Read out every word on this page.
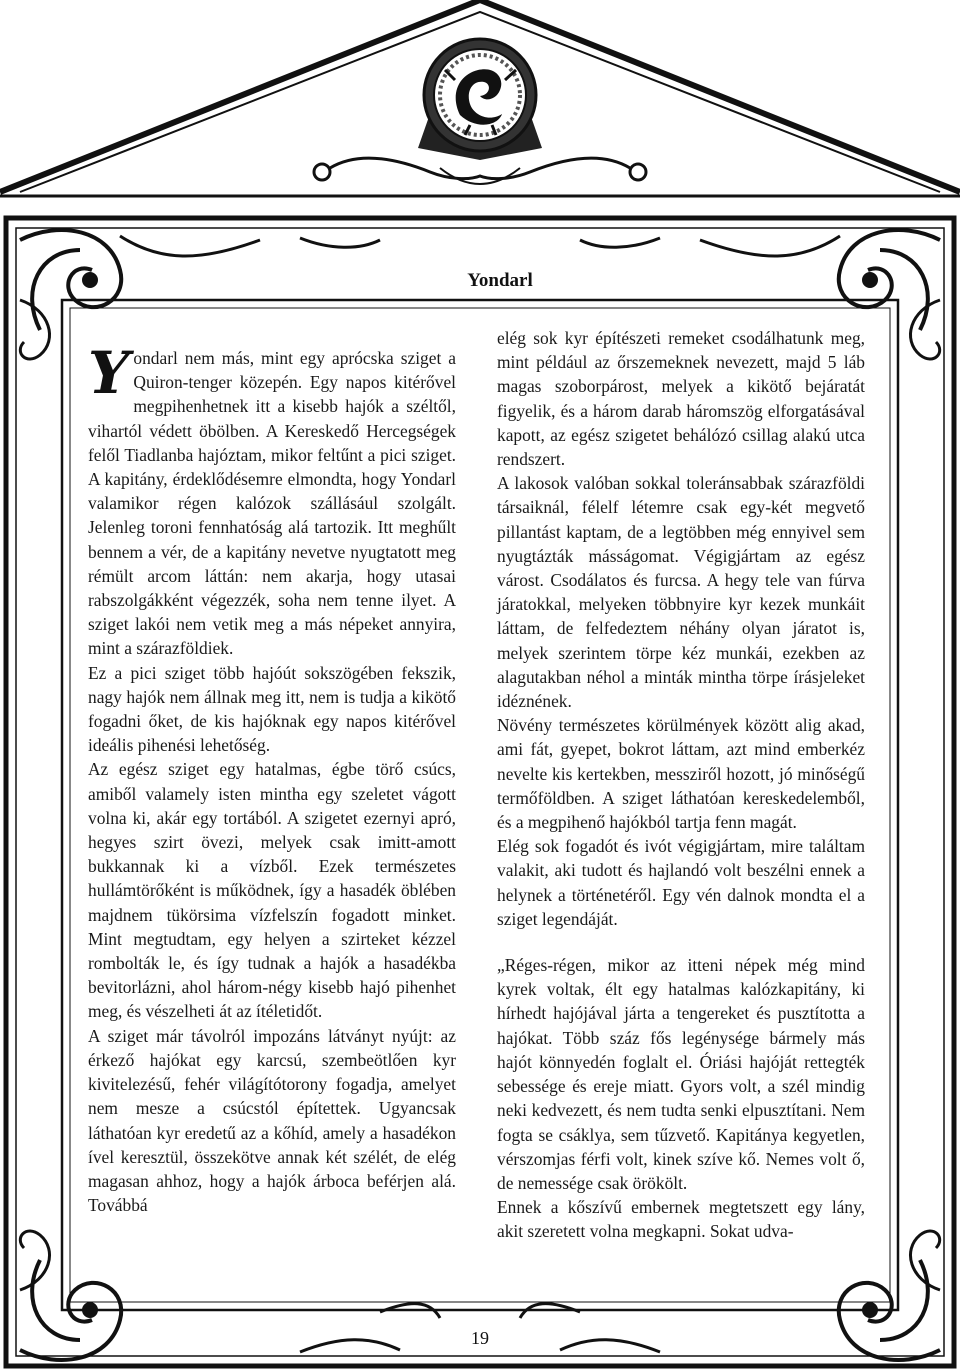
Yondarl

Yondarl nem más, mint egy aprócska sziget a Quiron-tenger közepén. Egy napos kitérővel megpihenhetnek itt a kisebb hajók a széltől, vihartól védett öbölben. A Kereskedő Hercegségek felől Tiadlanba hajóztam, mikor feltűnt a pici sziget. A kapitány, érdeklődésemre elmondta, hogy Yondarl valamikor régen kalózok szállásául szolgált. Jelenleg toroni fennhatóság alá tartozik. Itt meghűlt bennem a vér, de a kapitány nevetve nyugtatott meg rémült arcom láttán: nem akarja, hogy utasai rabszolgákként végezzék, soha nem tenne ilyet. A sziget lakói nem vetik meg a más népeket annyira, mint a szárazföldiek.

Ez a pici sziget több hajóút sokszögében fekszik, nagy hajók nem állnak meg itt, nem is tudja a kikötő fogadni őket, de kis hajóknak egy napos kitérővel ideális pihenési lehetőség.

Az egész sziget egy hatalmas, égbe törő csúcs, amiből valamely isten mintha egy szeletet vágott volna ki, akár egy tortából. A szigetet ezernyi apró, hegyes szirt övezi, melyek csak imitt-amott bukkannak ki a vízből. Ezek természetes hullámtörőként is működnek, így a hasadék öblében majdnem tükörsima vízfelszín fogadott minket. Mint megtudtam, egy helyen a szirteket kézzel rombolták le, és így tudnak a hajók a hasadékba bevitorlázni, ahol három-négy kisebb hajó pihenhet meg, és vészelheti át az ítéletidőt.

A sziget már távolról impozáns látványt nyújt: az érkező hajókat egy karcsú, szembeötlően kyr kivitelezésű, fehér világítótorony fogadja, amelyet nem mesze a csúcstól építettek. Ugyancsak láthatóan kyr eredetű az a kőhíd, amely a hasadékon ível keresztül, összekötve annak két szélét, de elég magasan ahhoz, hogy a hajók árboca beférjen alá. Továbbá

elég sok kyr építészeti remeket csodálhatunk meg, mint például az őrszemeknek nevezett, majd 5 láb magas szoborpárost, melyek a kikötő bejáratát figyelik, és a három darab háromszög elforgatásával kapott, az egész szigetet behálózó csillag alakú utca rendszert.

A lakosok valóban sokkal toleránsabbak szárazföldi társaiknál, félelf létemre csak egy-két megvető pillantást kaptam, de a legtöbben még ennyivel sem nyugtázták másságomat. Végigjártam az egész várost. Csodálatos és furcsa. A hegy tele van fúrva járatokkal, melyeken többnyire kyr kezek munkáit láttam, de felfedeztem néhány olyan járatot is, melyek szerintem törpe kéz munkái, ezekben az alagutakban néhol a minták mintha törpe írásjeleket idéznének.

Növény természetes körülmények között alig akad, ami fát, gyepet, bokrot láttam, azt mind emberkéz nevelte kis kertekben, messziről hozott, jó minőségű termőföldben. A sziget láthatóan kereskedelemből, és a megpihenő hajókból tartja fenn magát.

Elég sok fogadót és ivót végigjártam, mire találtam valakit, aki tudott és hajlandó volt beszélni ennek a helynek a történetéről. Egy vén dalnok mondta el a sziget legendáját.

„Réges-régen, mikor az itteni népek még mind kyrek voltak, élt egy hatalmas kalózkapitány, ki hírhedt hajójával járta a tengereket és pusztította a hajókat. Több száz fős legénysége bármely más hajót könnyedén foglalt el. Óriási hajóját rettegték sebessége és ereje miatt. Gyors volt, a szél mindig neki kedvezett, és nem tudta senki elpusztítani. Nem fogta se csáklya, sem tűzvető. Kapitánya kegyetlen, vérszomjas férfi volt, kinek szíve kő. Nemes volt ő, de nemessége csak örökölt.

Ennek a kőszívű embernek megtetszett egy lány, akit szeretett volna megkapni. Sokat udva-

19
